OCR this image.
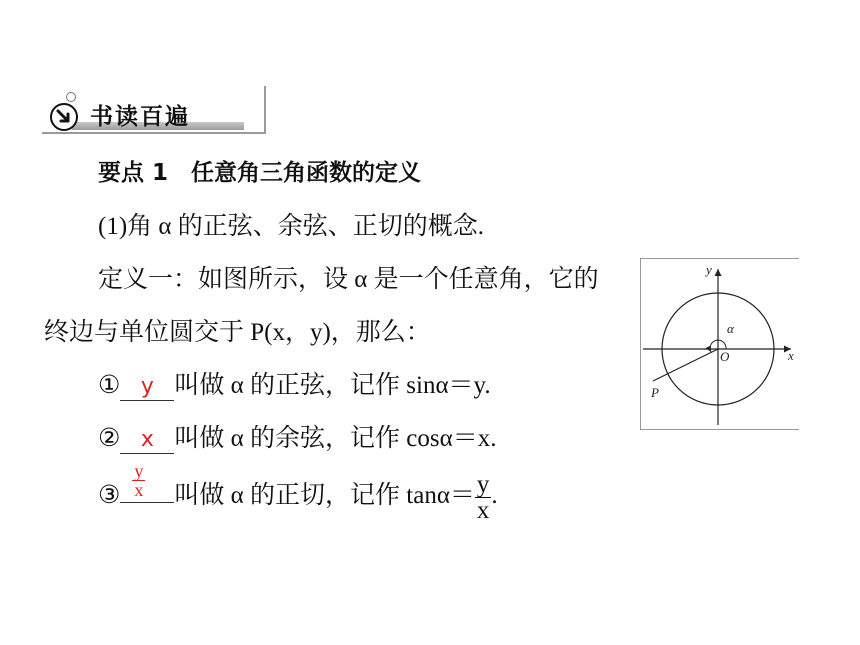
书读百遍
要点 1　任意角三角函数的定义
(1)角 α 的正弦、余弦、正切的概念.
定义一：如图所示，设 α 是一个任意角，它的
终边与单位圆交于 P(x，y)，那么：
① y 叫做 α 的正弦，记作 sinα＝y.
② x 叫做 α 的余弦，记作 cosα＝x.
③ $\frac{y}{x}$ 叫做 α 的正切，记作 $\tan\alpha= \frac{y}{x}$ .
y
x
O
α
P
